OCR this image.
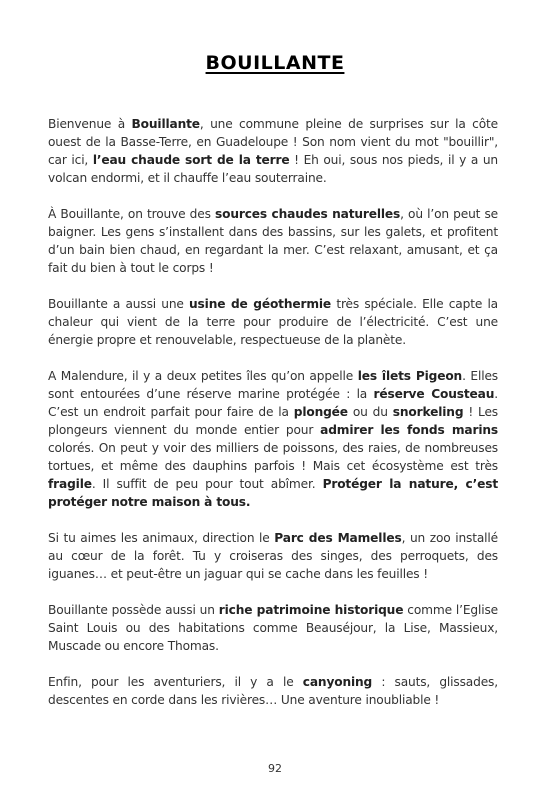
BOUILLANTE

Bienvenue à Bouillante, une commune pleine de surprises sur la côte ouest de la Basse-Terre, en Guadeloupe ! Son nom vient du mot "bouillir", car ici, l’eau chaude sort de la terre ! Eh oui, sous nos pieds, il y a un volcan endormi, et il chauffe l’eau souterraine.

À Bouillante, on trouve des sources chaudes naturelles, où l’on peut se baigner. Les gens s’installent dans des bassins, sur les galets, et profitent d’un bain bien chaud, en regardant la mer. C’est relaxant, amusant, et ça fait du bien à tout le corps !

Bouillante a aussi une usine de géothermie très spéciale. Elle capte la chaleur qui vient de la terre pour produire de l’électricité. C’est une énergie propre et renouvelable, respectueuse de la planète.

A Malendure, il y a deux petites îles qu’on appelle les îlets Pigeon. Elles sont entourées d’une réserve marine protégée : la réserve Cousteau. C’est un endroit parfait pour faire de la plongée ou du snorkeling ! Les plongeurs viennent du monde entier pour admirer les fonds marins colorés. On peut y voir des milliers de poissons, des raies, de nombreuses tortues, et même des dauphins parfois ! Mais cet écosystème est très fragile. Il suffit de peu pour tout abîmer. Protéger la nature, c’est protéger notre maison à tous.

Si tu aimes les animaux, direction le Parc des Mamelles, un zoo installé au cœur de la forêt. Tu y croiseras des singes, des perroquets, des iguanes… et peut-être un jaguar qui se cache dans les feuilles !

Bouillante possède aussi un riche patrimoine historique comme l’Eglise Saint Louis ou des habitations comme Beauséjour, la Lise, Massieux, Muscade ou encore Thomas.

Enfin, pour les aventuriers, il y a le canyoning : sauts, glissades, descentes en corde dans les rivières… Une aventure inoubliable !

92
